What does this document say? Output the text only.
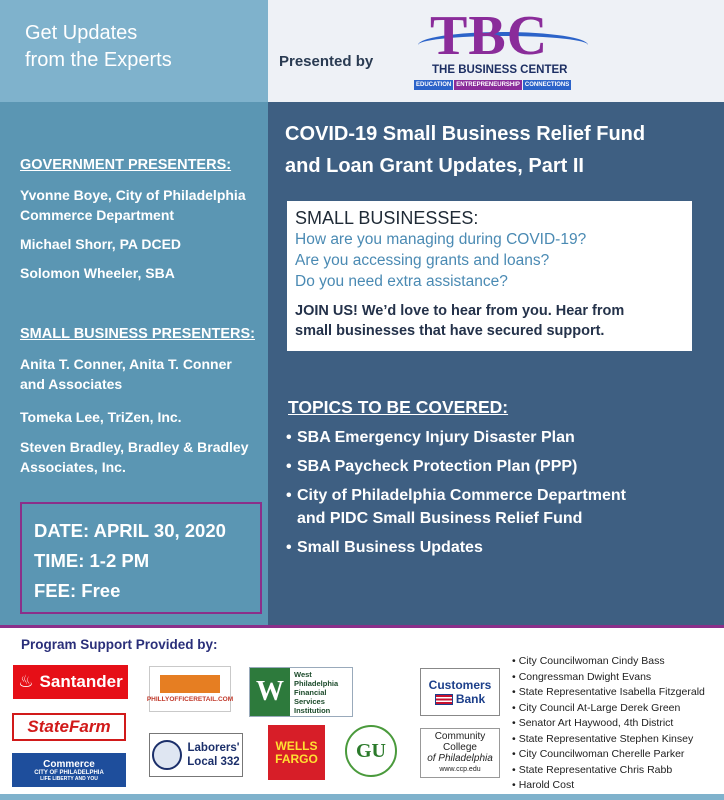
Get Updates
from the Experts	Presented by TBC
THE BUSINESS CENTER
EDUCATION ENTREPRENEURSHIP CONNECTIONS
GOVERNMENT PRESENTERS:
Yvonne Boye, City of Philadelphia Commerce Department
Michael Shorr, PA DCED
Solomon Wheeler, SBA
SMALL BUSINESS PRESENTERS:
Anita T. Conner, Anita T. Conner and Associates
Tomeka Lee, TriZen, Inc.
Steven Bradley, Bradley & Bradley Associates, Inc.
DATE: APRIL 30, 2020
TIME: 1-2 PM
FEE: Free
COVID-19 Small Business Relief Fund
and Loan Grant Updates, Part II
SMALL BUSINESSES:
How are you managing during COVID-19?
Are you accessing grants and loans?
Do you need extra assistance?
JOIN US! We’d love to hear from you. Hear from
small businesses that have secured support.
TOPICS TO BE COVERED:
• SBA Emergency Injury Disaster Plan
• SBA Paycheck Protection Plan (PPP)
• City of Philadelphia Commerce Department
and PIDC Small Business Relief Fund
• Small Business Updates
Program Support Provided by:
♨ Santander
StateFarm
Commerce
CITY OF PHILADELPHIA
LIFE LIBERTY AND YOU
PHILLYOFFICERETAIL.COM
Laborers'
Local 332
W
West
Philadelphia
Financial
Services
Institution
WELLS
FARGO GU
Customers
Bank
Community
College
of Philadelphia
www.ccp.edu
• City Councilwoman Cindy Bass
• Congressman Dwight Evans
• State Representative Isabella Fitzgerald
• City Council At-Large Derek Green
• Senator Art Haywood, 4th District
• State Representative Stephen Kinsey
• City Councilwoman Cherelle Parker
• State Representative Chris Rabb
• Harold Cost
